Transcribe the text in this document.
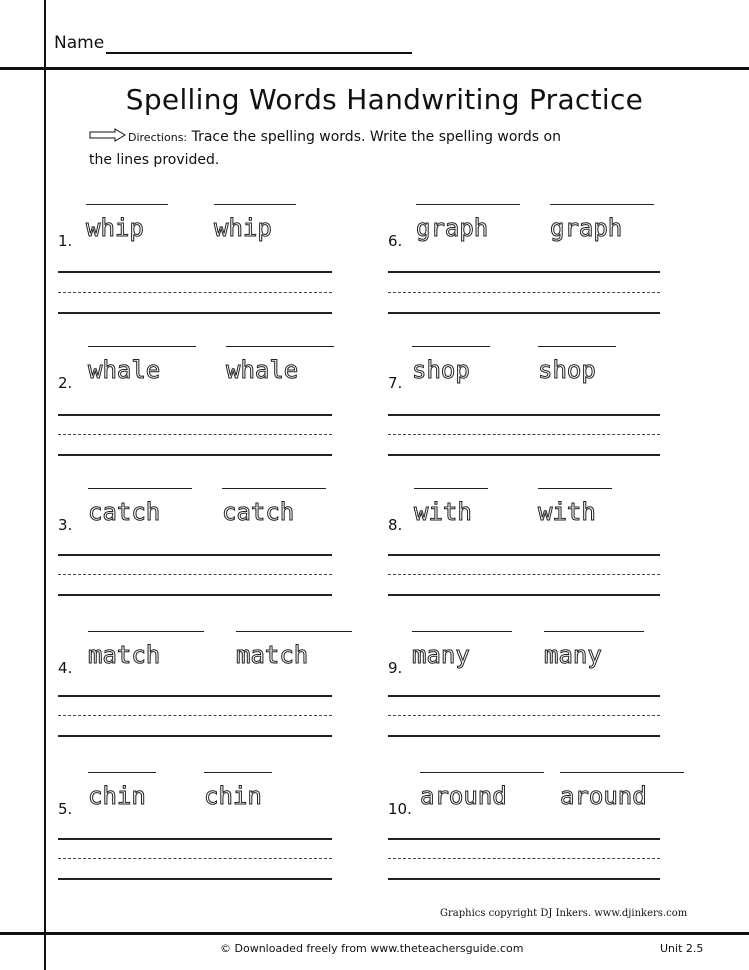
Name
Spelling Words Handwriting Practice
Directions: Trace the spelling words. Write the spelling words on
the lines provided.
1. whip	whip
2. whale	whale
3. catch	catch
4. match	match
5. chin chin
6. graph	graph
7. shop	shop
8. with	with
9. many	many
10. around around
Graphics copyright DJ Inkers. www.djinkers.com
© Downloaded freely from www.theteachersguide.com	Unit 2.5
